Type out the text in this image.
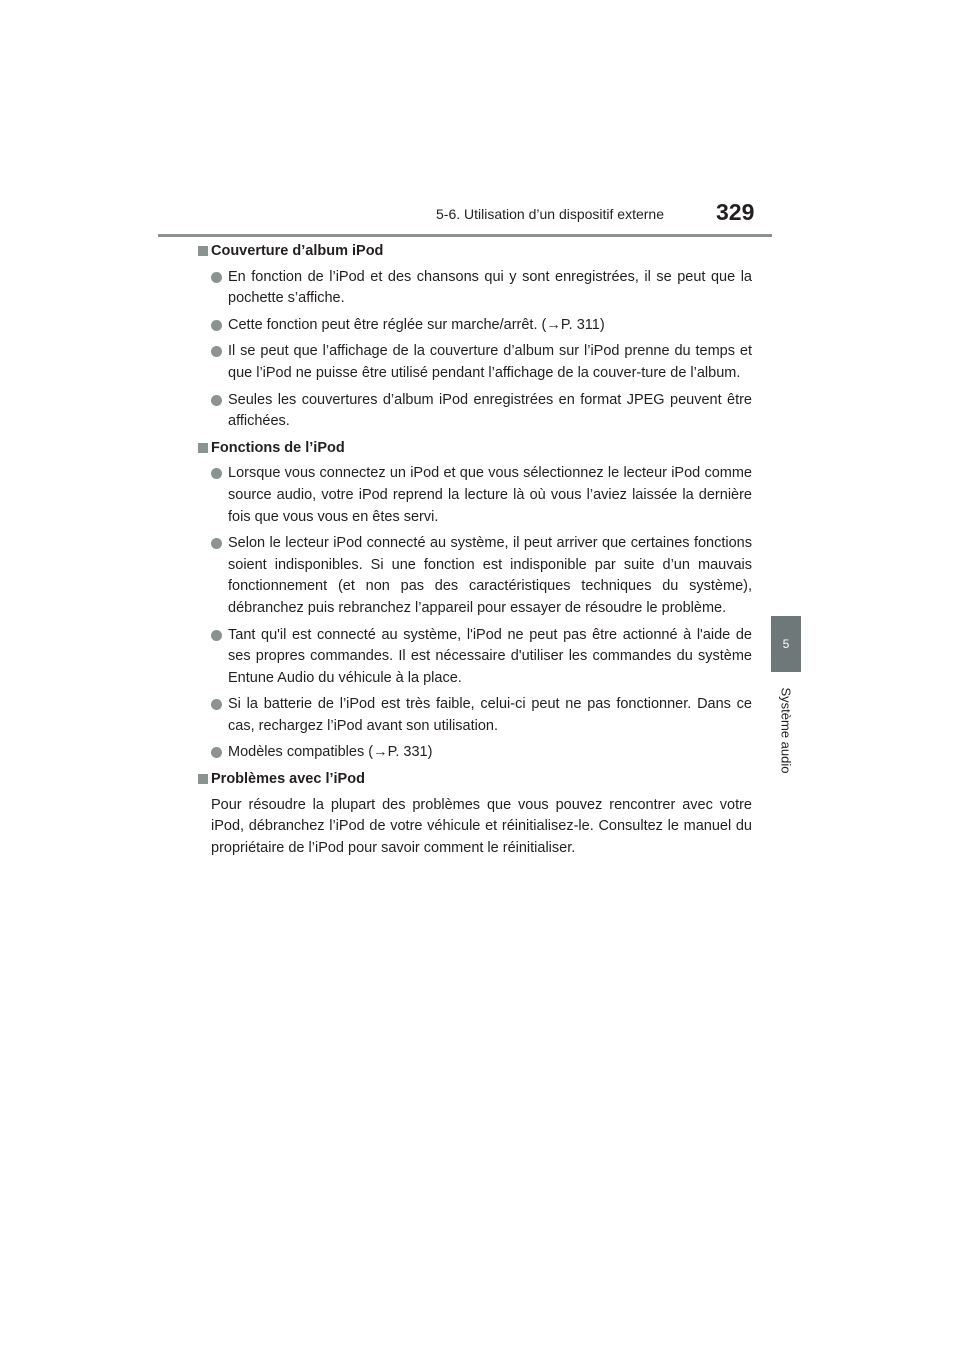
5-6. Utilisation d’un dispositif externe 329
5
Système audio
Couverture d’album iPod
En fonction de l’iPod et des chansons qui y sont enregistrées, il se peut que la pochette s’affiche.
Cette fonction peut être réglée sur marche/arrêt. (→P. 311)
Il se peut que l’affichage de la couverture d’album sur l’iPod prenne du temps et que l’iPod ne puisse être utilisé pendant l’affichage de la couver-ture de l’album.
Seules les couvertures d’album iPod enregistrées en format JPEG peuvent être affichées.
Fonctions de l’iPod
Lorsque vous connectez un iPod et que vous sélectionnez le lecteur iPod comme source audio, votre iPod reprend la lecture là où vous l’aviez laissée la dernière fois que vous vous en êtes servi.
Selon le lecteur iPod connecté au système, il peut arriver que certaines fonctions soient indisponibles. Si une fonction est indisponible par suite d’un mauvais fonctionnement (et non pas des caractéristiques techniques du système), débranchez puis rebranchez l’appareil pour essayer de résoudre le problème.
Tant qu'il est connecté au système, l'iPod ne peut pas être actionné à l'aide de ses propres commandes. Il est nécessaire d'utiliser les commandes du système Entune Audio du véhicule à la place.
Si la batterie de l’iPod est très faible, celui-ci peut ne pas fonctionner. Dans ce cas, rechargez l’iPod avant son utilisation.
Modèles compatibles (→P. 331)
Problèmes avec l’iPod

Pour résoudre la plupart des problèmes que vous pouvez rencontrer avec votre iPod, débranchez l’iPod de votre véhicule et réinitialisez-le. Consultez le manuel du propriétaire de l’iPod pour savoir comment le réinitialiser.
